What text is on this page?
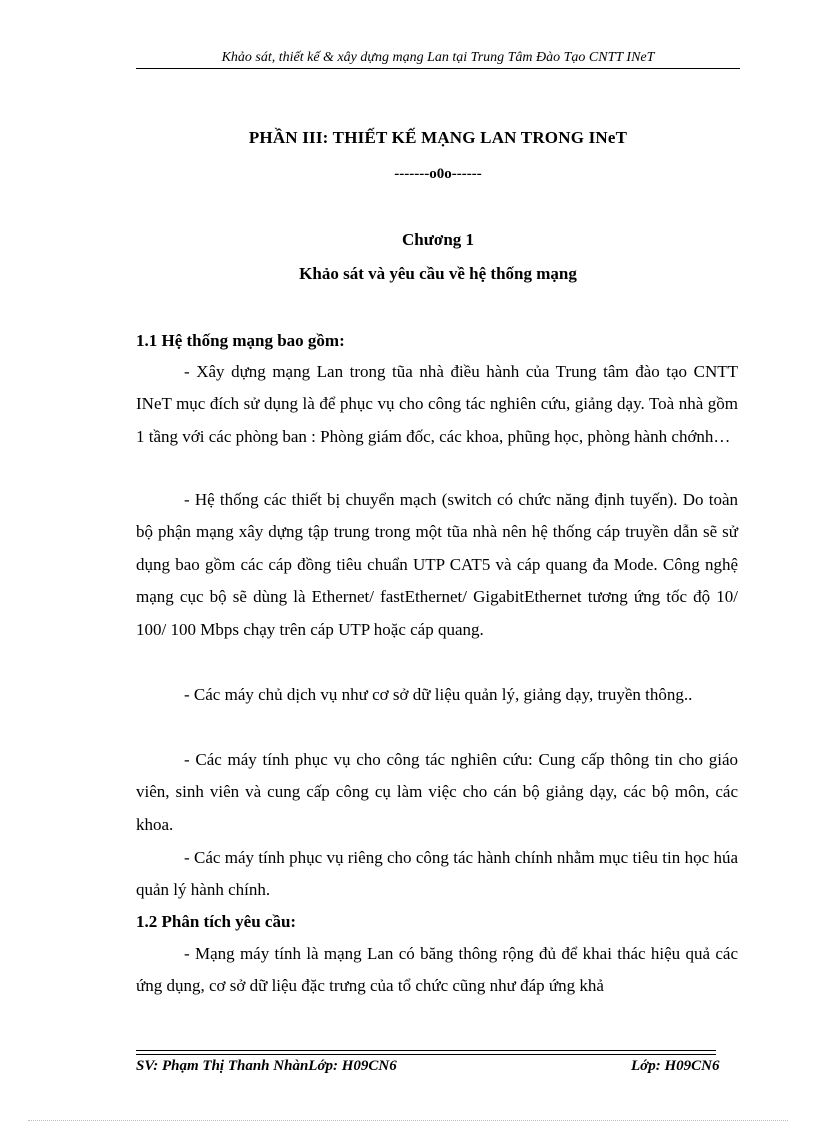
Khảo sát, thiết kế & xây dựng mạng Lan tại Trung Tâm Đào Tạo CNTT INeT
PHẦN III: THIẾT KẾ MẠNG LAN TRONG INeT
-------o0o------
Chương 1
Khảo sát và yêu cầu về hệ thống mạng
1.1 Hệ thống mạng bao gồm:

- Xây dựng mạng Lan trong tũa nhà điều hành của Trung tâm đào tạo CNTT INeT mục đích sử dụng là để phục vụ cho công tác nghiên cứu, giảng dạy. Toà nhà gồm 1 tầng với các phòng ban : Phòng giám đốc, các khoa, phũng học, phòng hành chớnh…

- Hệ thống các thiết bị chuyển mạch (switch có chức năng định tuyến). Do toàn bộ phận mạng xây dựng tập trung trong một tũa nhà nên hệ thống cáp truyền dẫn sẽ sử dụng bao gồm các cáp đồng tiêu chuẩn UTP CAT5 và cáp quang đa Mode. Công nghệ mạng cục bộ sẽ dùng là Ethernet/ fastEthernet/ GigabitEthernet tương ứng tốc độ 10/ 100/ 100 Mbps chạy trên cáp UTP hoặc cáp quang.

- Các máy chủ dịch vụ như cơ sở dữ liệu quản lý, giảng dạy, truyền thông..

- Các máy tính phục vụ cho công tác nghiên cứu: Cung cấp thông tin cho giáo viên, sinh viên và cung cấp công cụ làm việc cho cán bộ giảng dạy, các bộ môn, các khoa.

- Các máy tính phục vụ riêng cho công tác hành chính nhằm mục tiêu tin học húa quản lý hành chính.

1.2 Phân tích yêu cầu:

- Mạng máy tính là mạng Lan có băng thông rộng đủ để khai thác hiệu quả các ứng dụng, cơ sở dữ liệu đặc trưng của tổ chức cũng như đáp ứng khả

SV: Phạm Thị Thanh NhànLớp: H09CN6	Lớp: H09CN6
